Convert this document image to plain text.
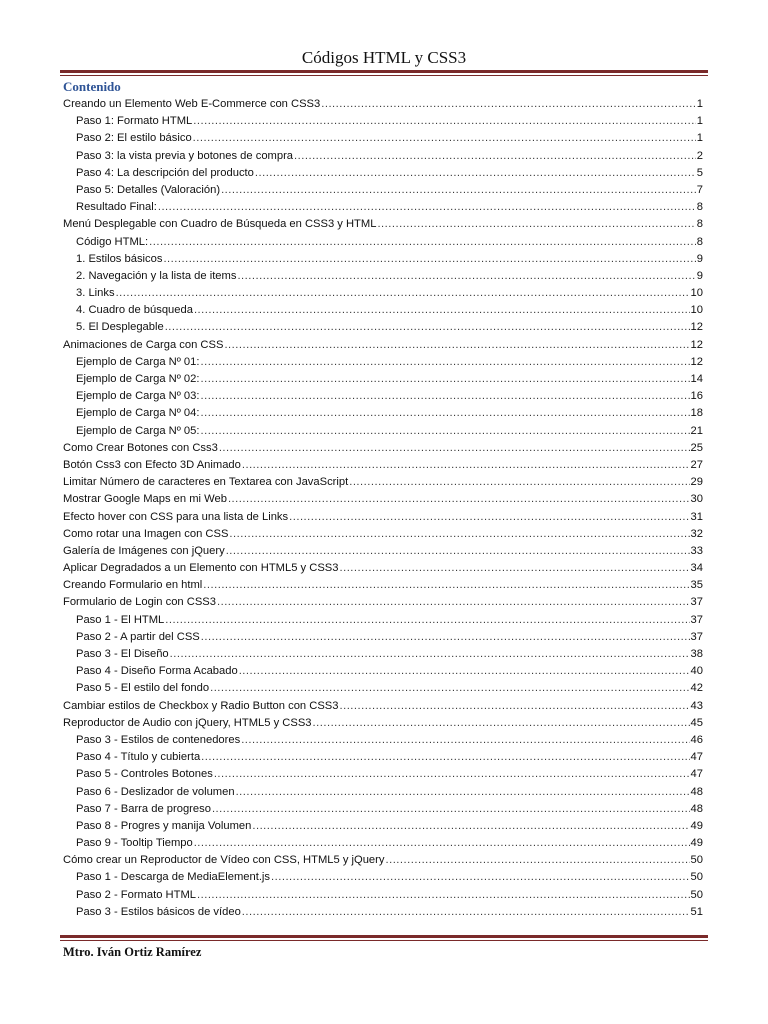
Códigos HTML y CSS3
Contenido
Creando un Elemento Web E-Commerce con CSS3 .....	1
Paso 1: Formato HTML .....	1
Paso 2: El estilo básico .....	1
Paso 3: la vista previa y botones de compra .....	2
Paso 4: La descripción del producto .....	5
Paso 5: Detalles (Valoración) .....	7
Resultado Final: .....	8
Menú Desplegable con Cuadro de Búsqueda en CSS3 y HTML .....	8
Código HTML: .....	8
1. Estilos básicos .....	9
2. Navegación y la lista de items .....	9
3. Links .....	10
4. Cuadro de búsqueda .....	10
5. El Desplegable .....	12
Animaciones de Carga con CSS .....	12
Ejemplo de Carga Nº 01: .....	12
Ejemplo de Carga Nº 02: .....	14
Ejemplo de Carga Nº 03: .....	16
Ejemplo de Carga Nº 04: .....	18
Ejemplo de Carga Nº 05: .....	21
Como Crear Botones con Css3 .....	25
Botón Css3 con Efecto 3D Animado .....	27
Limitar Número de caracteres en Textarea con JavaScript .....	29
Mostrar Google Maps en mi Web .....	30
Efecto hover con CSS para una lista de Links .....	31
Como rotar una Imagen con CSS .....	32
Galería de Imágenes con jQuery .....	33
Aplicar Degradados a un Elemento con HTML5 y CSS3 .....	34
Creando Formulario en html .....	35
Formulario de Login con CSS3 .....	37
Paso 1 - El HTML .....	37
Paso 2 - A partir del CSS .....	37
Paso 3 - El Diseño .....	38
Paso 4 - Diseño Forma Acabado .....	40
Paso 5 - El estilo del fondo .....	42
Cambiar estilos de Checkbox y Radio Button con CSS3 .....	43
Reproductor de Audio con jQuery, HTML5 y CSS3 .....	45
Paso 3 - Estilos de contenedores .....	46
Paso 4 - Título y cubierta .....	47
Paso 5 - Controles Botones .....	47
Paso 6 - Deslizador de volumen .....	48
Paso 7 - Barra de progreso .....	48
Paso 8 - Progres y manija Volumen .....	49
Paso 9 - Tooltip Tiempo .....	49
Cómo crear un Reproductor de Vídeo con CSS, HTML5 y jQuery .....	50
Paso 1 - Descarga de MediaElement.js .....	50
Paso 2 - Formato HTML .....	50
Paso 3 - Estilos básicos de vídeo .....	51
Mtro. Iván Ortiz Ramírez
